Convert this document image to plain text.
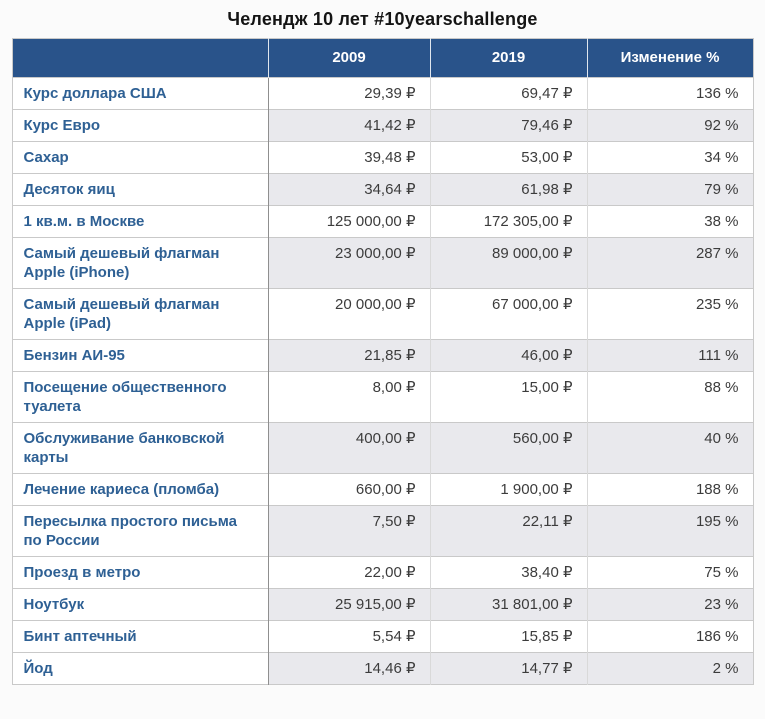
Челендж 10 лет #10yearschallenge
	2009	2019	Изменение %
Курс доллара США	29,39 ₽	69,47 ₽	136 %
Курс Евро	41,42 ₽	79,46 ₽	92 %
Сахар	39,48 ₽	53,00 ₽	34 %
Десяток яиц	34,64 ₽	61,98 ₽	79 %
1 кв.м. в Москве	125 000,00 ₽	172 305,00 ₽	38 %
Самый дешевый флагман Apple (iPhone)	23 000,00 ₽	89 000,00 ₽	287 %
Самый дешевый флагман Apple (iPad)	20 000,00 ₽	67 000,00 ₽	235 %
Бензин АИ-95	21,85 ₽	46,00 ₽	111 %
Посещение общественного туалета	8,00 ₽	15,00 ₽	88 %
Обслуживание банковской карты	400,00 ₽	560,00 ₽	40 %
Лечение кариеса (пломба)	660,00 ₽	1 900,00 ₽	188 %
Пересылка простого письма по России	7,50 ₽	22,11 ₽	195 %
Проезд в метро	22,00 ₽	38,40 ₽	75 %
Ноутбук	25 915,00 ₽	31 801,00 ₽	23 %
Бинт аптечный	5,54 ₽	15,85 ₽	186 %
Йод	14,46 ₽	14,77 ₽	2 %
